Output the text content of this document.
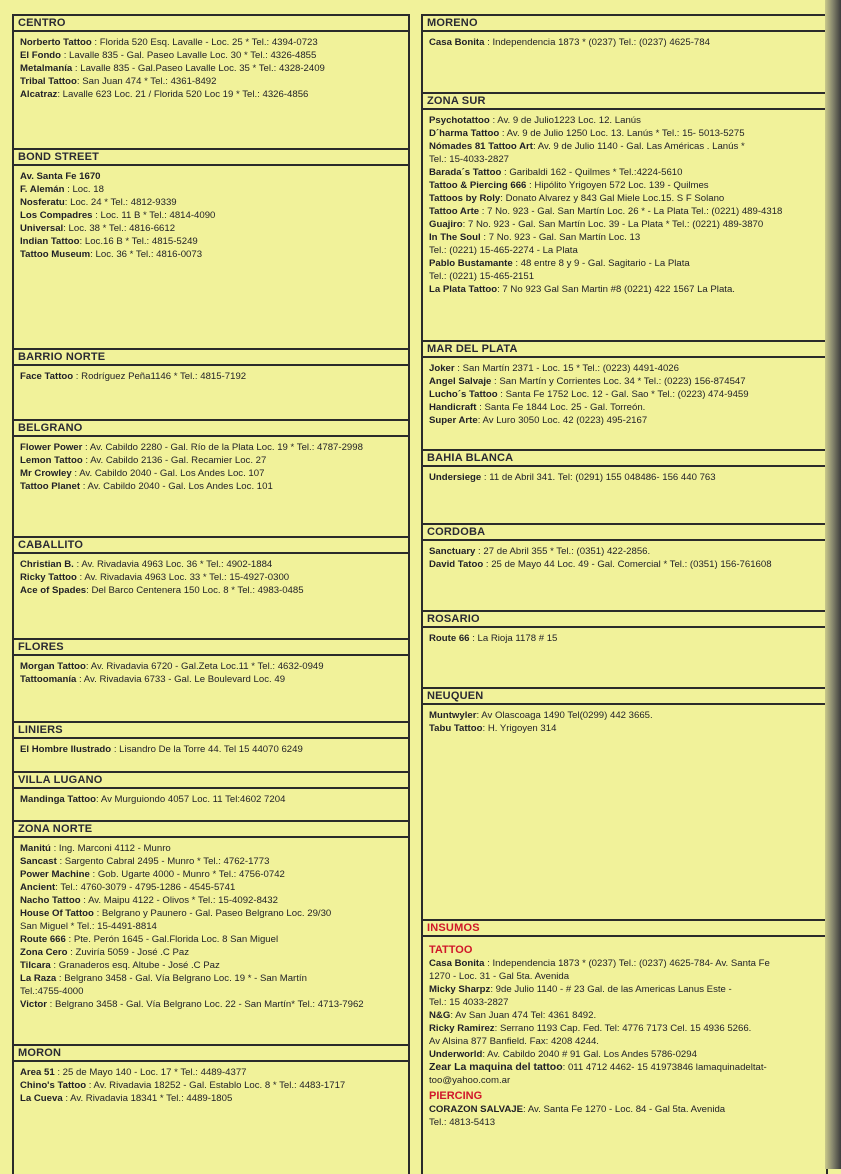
CENTRO
Norberto Tattoo : Florida 520 Esq. Lavalle - Loc. 25 * Tel.: 4394-0723
El Fondo : Lavalle 835 - Gal. Paseo Lavalle Loc. 30 * Tel.: 4326-4855
Metalmanía : Lavalle 835 - Gal.Paseo Lavalle Loc. 35 * Tel.: 4328-2409
Tribal Tattoo: San Juan 474 * Tel.: 4361-8492
Alcatraz: Lavalle 623 Loc. 21 / Florida 520 Loc 19 * Tel.: 4326-4856
BOND STREET
Av. Santa Fe 1670
F. Alemán : Loc. 18
Nosferatu: Loc. 24 * Tel.: 4812-9339
Los Compadres : Loc. 11 B * Tel.: 4814-4090
Universal: Loc. 38 * Tel.: 4816-6612
Indian Tattoo: Loc.16 B * Tel.: 4815-5249
Tattoo Museum: Loc. 36 * Tel.: 4816-0073
BARRIO NORTE
Face Tattoo : Rodríguez Peña1146 * Tel.: 4815-7192
BELGRANO
Flower Power : Av. Cabildo 2280 - Gal. Río de la Plata Loc. 19 * Tel.: 4787-2998
Lemon Tattoo : Av. Cabildo 2136 - Gal. Recamier Loc. 27
Mr Crowley : Av. Cabildo 2040 - Gal. Los Andes Loc. 107
Tattoo Planet : Av. Cabildo 2040 - Gal. Los Andes Loc. 101
CABALLITO
Christian B. : Av. Rivadavia 4963 Loc. 36 * Tel.: 4902-1884
Ricky Tattoo : Av. Rivadavia 4963 Loc. 33 * Tel.: 15-4927-0300
Ace of Spades: Del Barco Centenera 150 Loc. 8 * Tel.: 4983-0485
FLORES
Morgan Tattoo: Av. Rivadavia 6720 - Gal.Zeta Loc.11 * Tel.: 4632-0949
Tattoomanía : Av. Rivadavia 6733 - Gal. Le Boulevard Loc. 49
LINIERS
El Hombre Ilustrado : Lisandro De la Torre 44. Tel 15 44070 6249
VILLA LUGANO
Mandinga Tattoo: Av Murguiondo 4057 Loc. 11 Tel:4602 7204
ZONA NORTE
Manitú : Ing. Marconi 4112 - Munro
Sancast : Sargento Cabral 2495 - Munro * Tel.: 4762-1773
Power Machine : Gob. Ugarte 4000 - Munro * Tel.: 4756-0742
Ancient: Tel.: 4760-3079 - 4795-1286 - 4545-5741
Nacho Tattoo : Av. Maipu 4122 - Olivos * Tel.: 15-4092-8432
House Of Tattoo : Belgrano y Paunero - Gal. Paseo Belgrano Loc. 29/30
San Miguel * Tel.: 15-4491-8814
Route 666 : Pte. Perón 1645 - Gal.Florida Loc. 8 San Miguel
Zona Cero : Zuviría 5059 - José .C Paz
Tilcara : Granaderos esq. Altube - José .C Paz
La Raza : Belgrano 3458 - Gal. Vía Belgrano Loc. 19 * - San Martín
Tel.:4755-4000
Victor : Belgrano 3458 - Gal. Vía Belgrano Loc. 22 - San Martín* Tel.: 4713-7962
MORON
Area 51 : 25 de Mayo 140 - Loc. 17 * Tel.: 4489-4377
Chino's Tattoo : Av. Rivadavia 18252 - Gal. Establo Loc. 8 * Tel.: 4483-1717
La Cueva : Av. Rivadavia 18341 * Tel.: 4489-1805
MORENO
Casa Bonita : Independencia 1873 * (0237) Tel.: (0237) 4625-784
ZONA SUR
Psychotattoo : Av. 9 de Julio1223 Loc. 12. Lanús
D´harma Tattoo : Av. 9 de Julio 1250 Loc. 13. Lanús * Tel.: 15- 5013-5275
Nómades 81 Tattoo Art: Av. 9 de Julio 1140 - Gal. Las Américas . Lanús *
Tel.: 15-4033-2827
Barada´s Tattoo : Garibaldi 162 - Quilmes * Tel.:4224-5610
Tattoo & Piercing 666 : Hipólito Yrigoyen 572 Loc. 139 - Quilmes
Tattoos by Roly: Donato Alvarez y 843 Gal Miele Loc.15. S F Solano
Tattoo Arte : 7 No. 923 - Gal. San Martín Loc. 26 * - La Plata Tel.: (0221) 489-4318
Guajiro: 7 No. 923 - Gal. San Martín Loc. 39 - La Plata * Tel.: (0221) 489-3870
In The Soul : 7 No. 923 - Gal. San Martín Loc. 13
Tel.: (0221) 15-465-2274 - La Plata
Pablo Bustamante : 48 entre 8 y 9 - Gal. Sagitario - La Plata
Tel.: (0221) 15-465-2151
La Plata Tattoo: 7 No 923 Gal San Martin #8 (0221) 422 1567 La Plata.
MAR DEL PLATA
Joker : San Martín 2371 - Loc. 15 * Tel.: (0223) 4491-4026
Angel Salvaje : San Martín y Corrientes Loc. 34 * Tel.: (0223) 156-874547
Lucho´s Tattoo : Santa Fe 1752 Loc. 12 - Gal. Sao * Tel.: (0223) 474-9459
Handicraft : Santa Fe 1844 Loc. 25 - Gal. Torreón.
Super Arte: Av Luro 3050 Loc. 42 (0223) 495-2167
BAHIA BLANCA
Undersiege : 11 de Abril 341. Tel: (0291) 155 048486- 156 440 763
CORDOBA
Sanctuary : 27 de Abril 355 * Tel.: (0351) 422-2856.
David Tatoo : 25 de Mayo 44 Loc. 49 - Gal. Comercial * Tel.: (0351) 156-761608
ROSARIO
Route 66 : La Rioja 1178 # 15
NEUQUEN
Muntwyler: Av Olascoaga 1490 Tel(0299) 442 3665.
Tabu Tattoo: H. Yrigoyen 314
INSUMOS
TATTOO
Casa Bonita : Independencia 1873 * (0237) Tel.: (0237) 4625-784- Av. Santa Fe
1270 - Loc. 31 - Gal 5ta. Avenida
Micky Sharpz: 9de Julio 1140 - # 23 Gal. de las Americas Lanus Este -
Tel.: 15 4033-2827
N&G: Av San Juan 474 Tel: 4361 8492.
Ricky Ramirez: Serrano 1193 Cap. Fed. Tel: 4776 7173 Cel. 15 4936 5266.
Av Alsina 877 Banfield. Fax: 4208 4244.
Underworld: Av. Cabildo 2040 # 91 Gal. Los Andes 5786-0294
Zear La maquina del tattoo: 011 4712 4462- 15 41973846 lamaquinadeltat-
too@yahoo.com.ar
PIERCING
CORAZON SALVAJE: Av. Santa Fe 1270 - Loc. 84 - Gal 5ta. Avenida
Tel.: 4813-5413
